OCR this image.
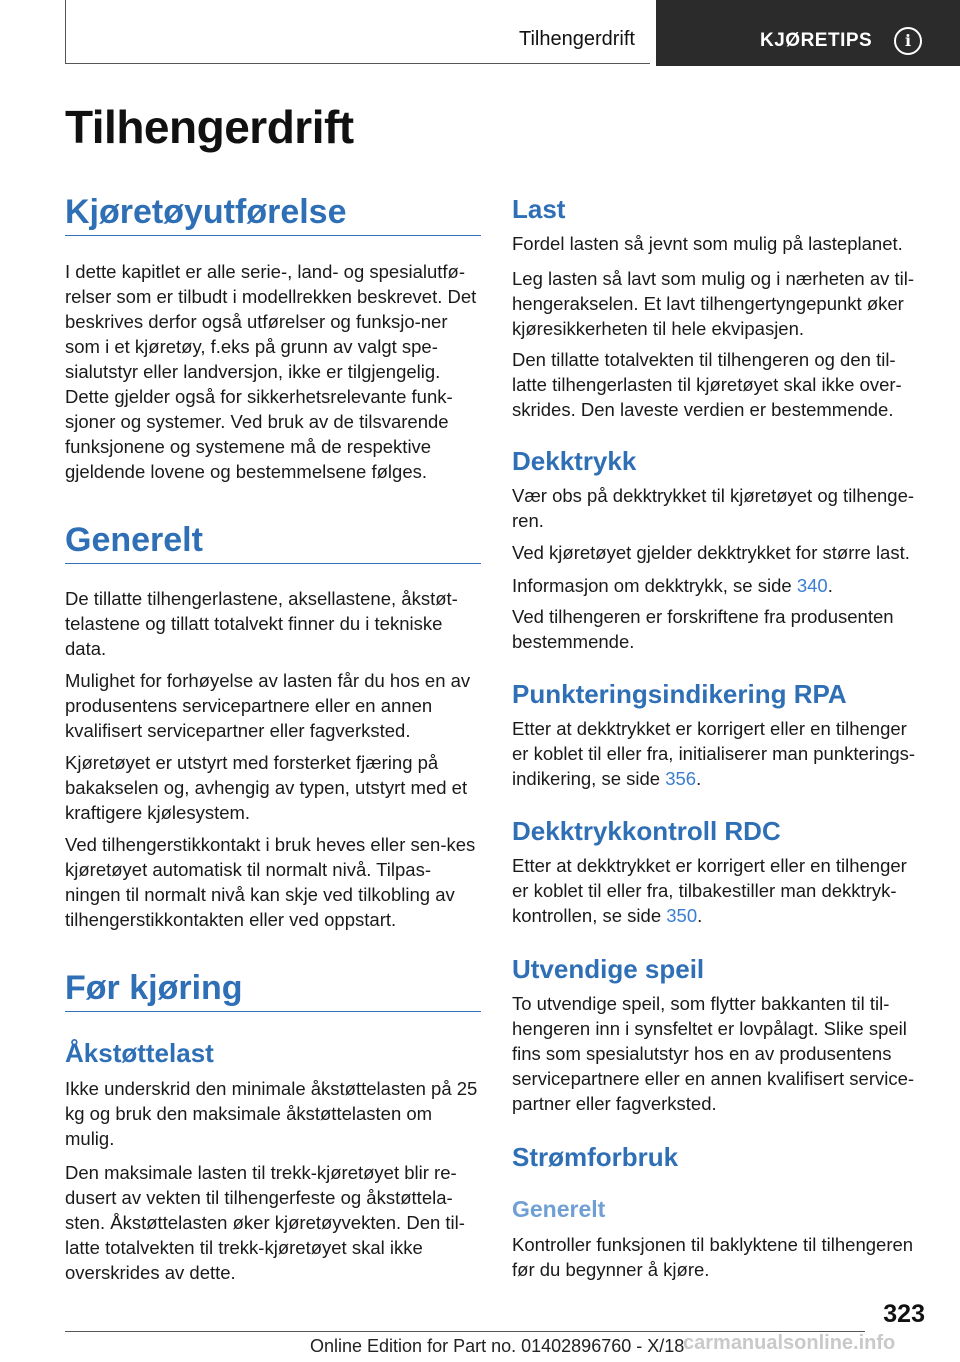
Tilhengerdrift	KJØRETIPS	i
Tilhengerdrift
Kjøretøyutførelse

I dette kapitlet er alle serie-, land- og spesialutfø-relser som er tilbudt i modellrekken beskrevet. Det beskrives derfor også utførelser og funksjo-ner som i et kjøretøy, f.eks på grunn av valgt spe-sialutstyr eller landversjon, ikke er tilgjengelig. Dette gjelder også for sikkerhetsrelevante funk-sjoner og systemer. Ved bruk av de tilsvarende funksjonene og systemene må de respektive gjeldende lovene og bestemmelsene følges.

Generelt

De tillatte tilhengerlastene, aksellastene, åkstøt-telastene og tillatt totalvekt finner du i tekniske data.

Mulighet for forhøyelse av lasten får du hos en av produsentens servicepartnere eller en annen kvalifisert servicepartner eller fagverksted.

Kjøretøyet er utstyrt med forsterket fjæring på bakakselen og, avhengig av typen, utstyrt med et kraftigere kjølesystem.

Ved tilhengerstikkontakt i bruk heves eller sen-kes kjøretøyet automatisk til normalt nivå. Tilpas-ningen til normalt nivå kan skje ved tilkobling av tilhengerstikkontakten eller ved oppstart.

Før kjøring
Åkstøttelast

Ikke underskrid den minimale åkstøttelasten på 25 kg og bruk den maksimale åkstøttelasten om mulig.

Den maksimale lasten til trekk-kjøretøyet blir re-dusert av vekten til tilhengerfeste og åkstøttela-sten. Åkstøttelasten øker kjøretøyvekten. Den til-latte totalvekten til trekk-kjøretøyet skal ikke overskrides av dette.

Last

Fordel lasten så jevnt som mulig på lasteplanet.

Leg lasten så lavt som mulig og i nærheten av til-hengerakselen. Et lavt tilhengertyngepunkt øker kjøresikkerheten til hele ekvipasjen.

Den tillatte totalvekten til tilhengeren og den til-latte tilhengerlasten til kjøretøyet skal ikke over-skrides. Den laveste verdien er bestemmende.

Dekktrykk

Vær obs på dekktrykket til kjøretøyet og tilhenge-ren.

Ved kjøretøyet gjelder dekktrykket for større last.

Informasjon om dekktrykk, se side 340.

Ved tilhengeren er forskriftene fra produsenten bestemmende.

Punkteringsindikering RPA

Etter at dekktrykket er korrigert eller en tilhenger er koblet til eller fra, initialiserer man punkterings-indikering, se side 356.

Dekktrykkontroll RDC

Etter at dekktrykket er korrigert eller en tilhenger er koblet til eller fra, tilbakestiller man dekktryk-kontrollen, se side 350.

Utvendige speil

To utvendige speil, som flytter bakkanten til til-hengeren inn i synsfeltet er lovpålagt. Slike speil fins som spesialutstyr hos en av produsentens servicepartnere eller en annen kvalifisert service-partner eller fagverksted.

Strømforbruk
Generelt

Kontroller funksjonen til baklyktene til tilhengeren før du begynner å kjøre.

323
Online Edition for Part no. 01402896760 - X/18
carmanualsonline.info
